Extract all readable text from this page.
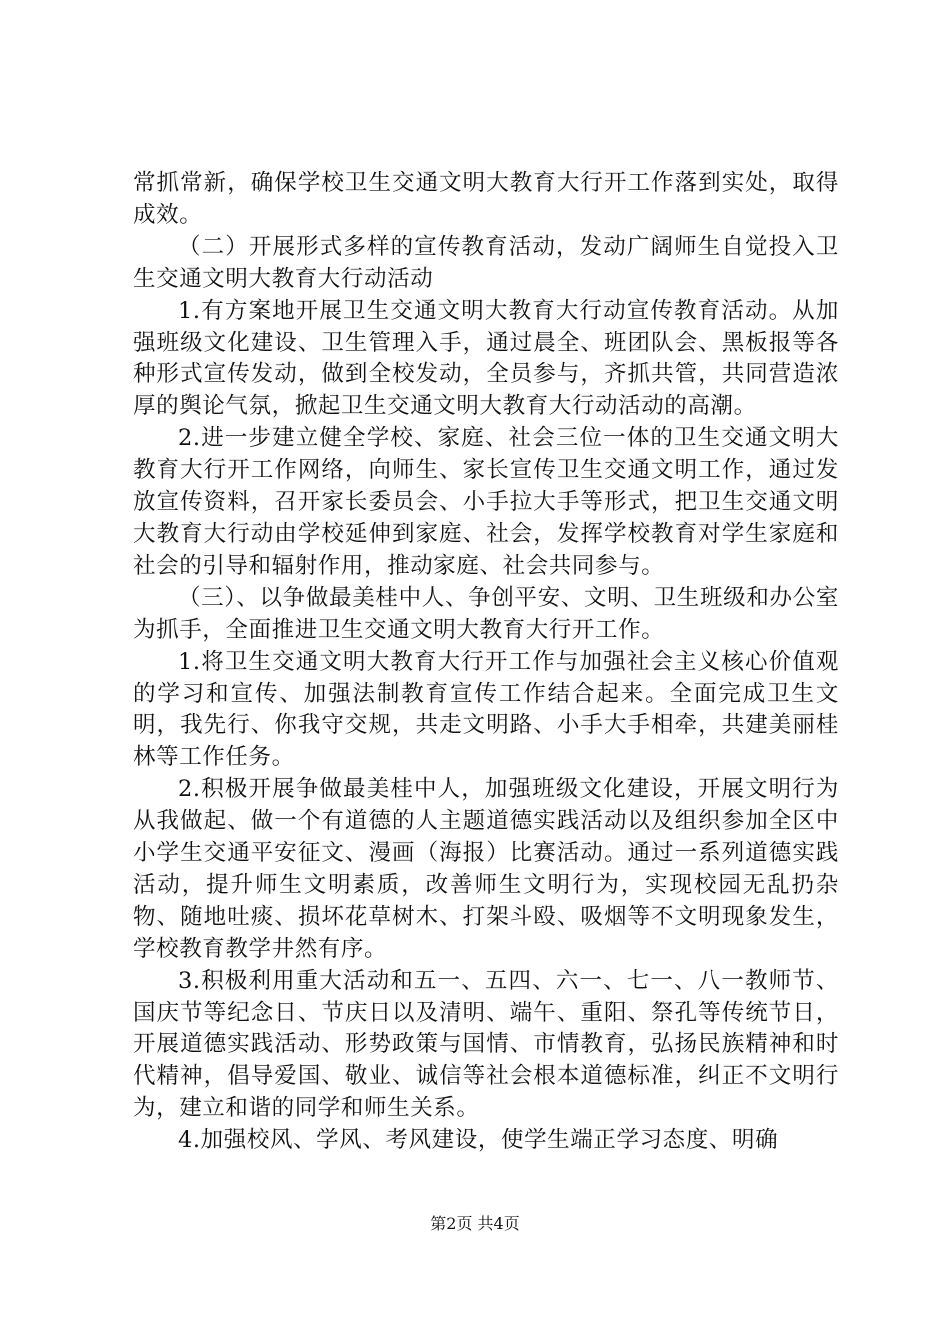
常抓常新，确保学校卫生交通文明大教育大行开工作落到实处，取得成效。

（二）开展形式多样的宣传教育活动，发动广阔师生自觉投入卫生交通文明大教育大行动活动

1.有方案地开展卫生交通文明大教育大行动宣传教育活动。从加强班级文化建设、卫生管理入手，通过晨全、班团队会、黑板报等各种形式宣传发动，做到全校发动，全员参与，齐抓共管，共同营造浓厚的舆论气氛，掀起卫生交通文明大教育大行动活动的高潮。

2.进一步建立健全学校、家庭、社会三位一体的卫生交通文明大教育大行开工作网络，向师生、家长宣传卫生交通文明工作，通过发放宣传资料，召开家长委员会、小手拉大手等形式，把卫生交通文明大教育大行动由学校延伸到家庭、社会，发挥学校教育对学生家庭和社会的引导和辐射作用，推动家庭、社会共同参与。

（三）、以争做最美桂中人、争创平安、文明、卫生班级和办公室为抓手，全面推进卫生交通文明大教育大行开工作。

1.将卫生交通文明大教育大行开工作与加强社会主义核心价值观的学习和宣传、加强法制教育宣传工作结合起来。全面完成卫生文明，我先行、你我守交规，共走文明路、小手大手相牵，共建美丽桂林等工作任务。

2.积极开展争做最美桂中人，加强班级文化建设，开展文明行为从我做起、做一个有道德的人主题道德实践活动以及组织参加全区中小学生交通平安征文、漫画（海报）比赛活动。通过一系列道德实践活动，提升师生文明素质，改善师生文明行为，实现校园无乱扔杂物、随地吐痰、损坏花草树木、打架斗殴、吸烟等不文明现象发生，学校教育教学井然有序。

3.积极利用重大活动和五一、五四、六一、七一、八一教师节、国庆节等纪念日、节庆日以及清明、端午、重阳、祭孔等传统节日，开展道德实践活动、形势政策与国情、市情教育，弘扬民族精神和时代精神，倡导爱国、敬业、诚信等社会根本道德标准，纠正不文明行为，建立和谐的同学和师生关系。

4.加强校风、学风、考风建设，使学生端正学习态度、明确

第2页 共4页
